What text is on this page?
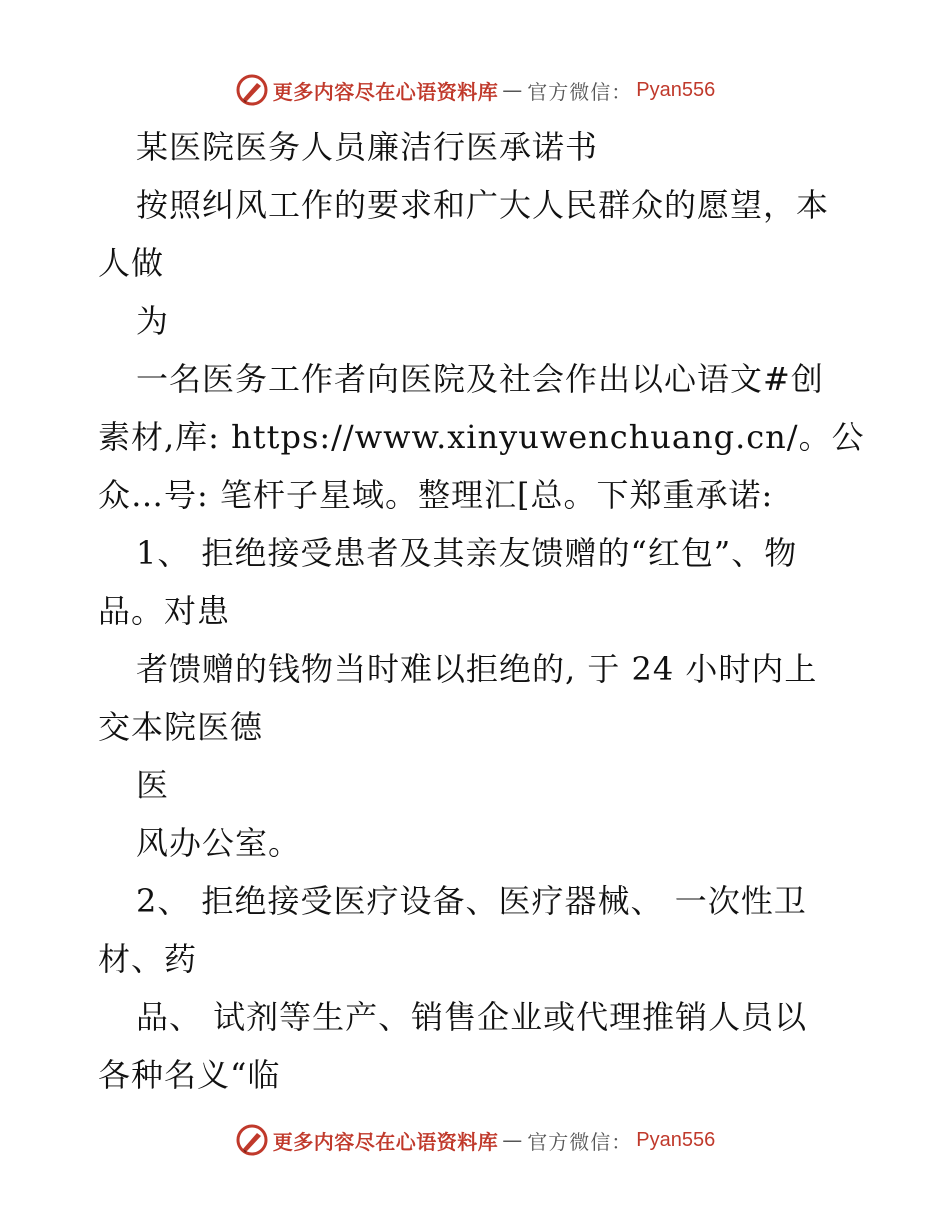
更多内容尽在心语资料库 — 官方微信： Pyan556
某医院医务人员廉洁行医承诺书
按照纠风工作的要求和广大人民群众的愿望，本
人做
为
一名医务工作者向医院及社会作出以心语文#创
素材,库: https://www.xinyuwenchuang.cn/。公
众…号: 笔杆子星域。整理汇[总。下郑重承诺:
1、 拒绝接受患者及其亲友馈赠的“红包”、物
品。对患
者馈赠的钱物当时难以拒绝的, 于 24 小时内上
交本院医德
医
风办公室。
2、 拒绝接受医疗设备、医疗器械、 一次性卫
材、药
品、 试剂等生产、销售企业或代理推销人员以
各种名义“临
更多内容尽在心语资料库 — 官方微信： Pyan556
